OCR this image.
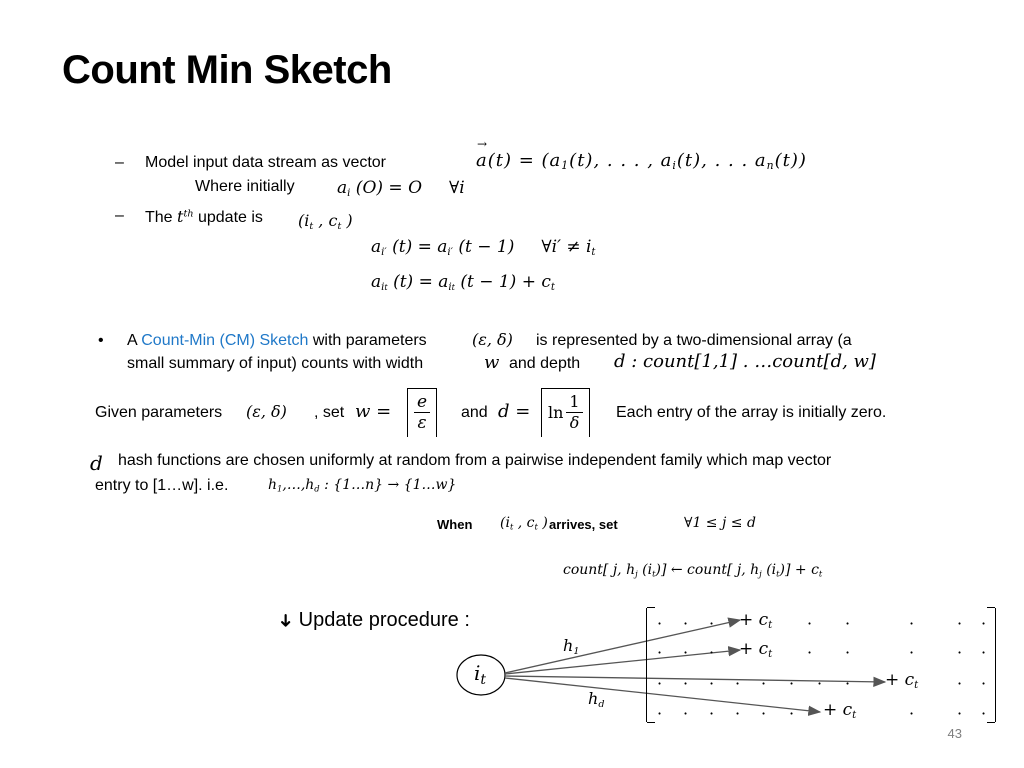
Count Min Sketch
– Model input data stream as vector	a
→
$(t) = (a_1(t)$, . . . , $a_i(t)$, . . . $a_n(t)$)
Where initially $a_i$ (O) = O     ∀i
– The $t^{th}$ update is ($i_t$ , $c_t$ )
$a_{i'}$ $(t) = a_{i'}$ (t − 1)     ∀i′ ≠ $i_t$
$a_{it}$ $(t) = a_{it}$ $(t - 1) + c_t$
• A Count-Min (CM) Sketch with parameters	(ε, δ) is represented by a two-dimensional array (a
small summary of input) counts with width	w and depth d : count[1,1] . …count[d, w]
Given parameters (ε, δ) , set $w = \frac{e}{\varepsilon}$ and $d = \ln \frac{1}{\delta}$ Each entry of the array is initially zero.
d hash functions are chosen uniformly at random from a pairwise independent family which map vector
entry to [1…w]. i.e.	$h_1,\dots,h_d$ : {1…n} → {1…w}
When ($i_t$ , $c_t$ ) arrives, set	∀1 ≤ j ≤ d
count[ j, $h_j$ $(i_t)$] ← count[ j, $h_j$ $(i_t)] + c_t$
➜ Update procedure :
$i_t$
$h_1$
$h_d$
· · · + $c_t$ · ·	·	· ·
· · · + $c_t$ · ·	·	· ·
· · · · · · · · + $c_t$ · ·
· · · · · · + $c_t$	·	· ·
43
